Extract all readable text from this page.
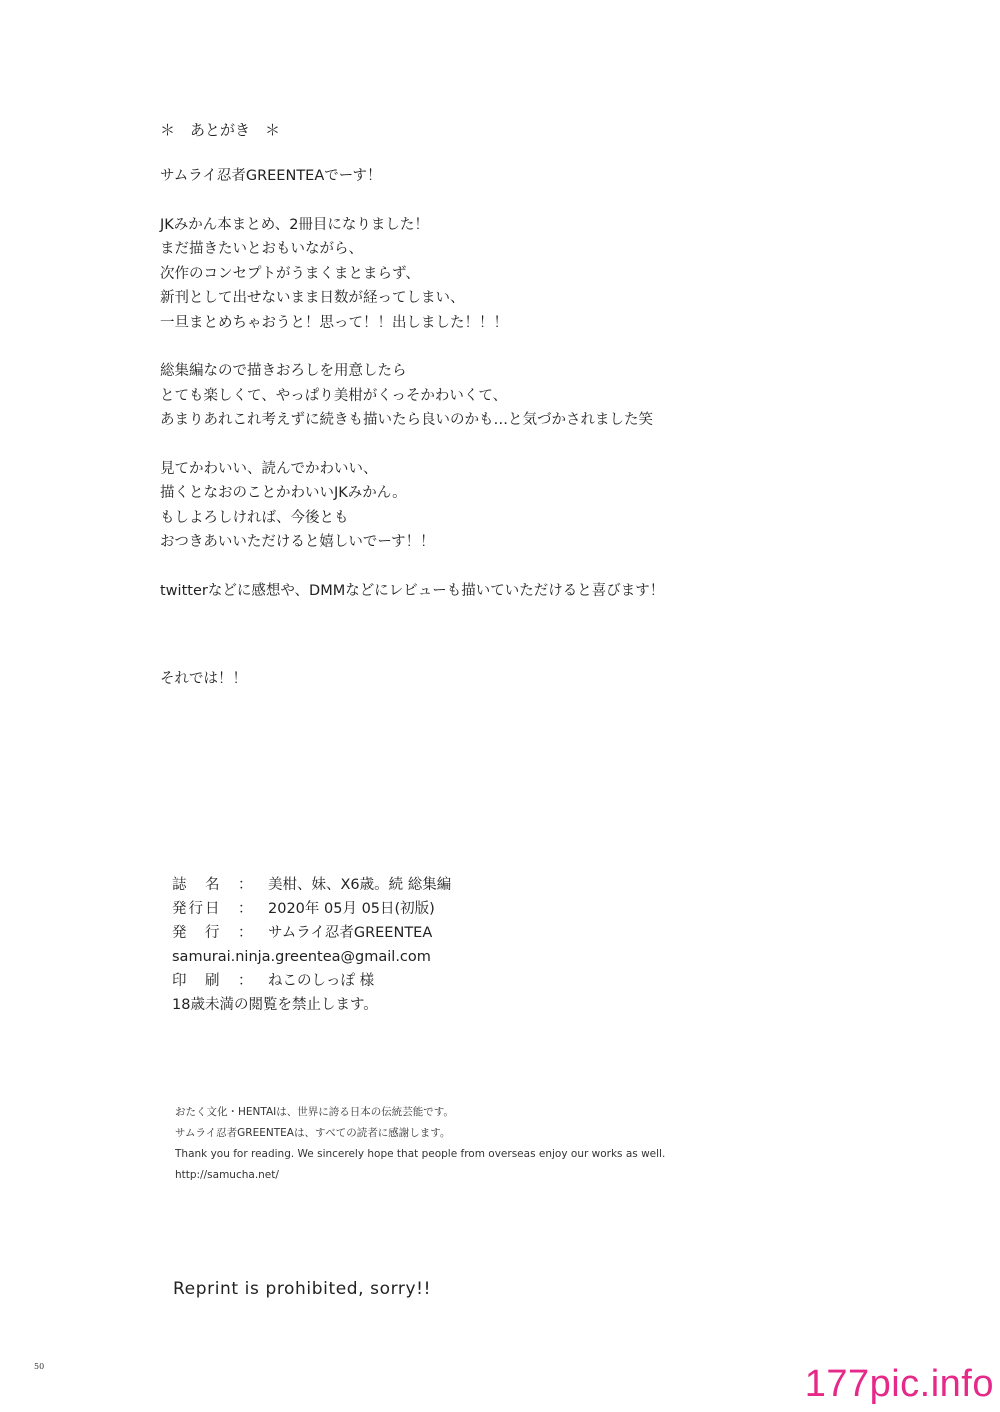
＊　あとがき　＊
サムライ忍者GREENTEAでーす！
JKみかん本まとめ、2冊目になりました！
まだ描きたいとおもいながら、
次作のコンセプトがうまくまとまらず、
新刊として出せないまま日数が経ってしまい、
一旦まとめちゃおうと！思って！！出しました！！！
総集編なので描きおろしを用意したら
とても楽しくて、やっぱり美柑がくっそかわいくて、
あまりあれこれ考えずに続きも描いたら良いのかも…と気づかされました笑
見てかわいい、読んでかわいい、
描くとなおのことかわいいJKみかん。
もしよろしければ、今後とも
おつきあいいただけると嬉しいでーす！！
twitterなどに感想や、DMMなどにレビューも描いていただけると喜びます！
それでは！！
誌　名 ： 美柑、妹、X6歳。続 総集編
発行日 ： 2020年 05月 05日(初版)
発　行 ： サムライ忍者GREENTEA
samurai.ninja.greentea@gmail.com
印　刷 ： ねこのしっぽ 様
18歳未満の閲覧を禁止します。
おたく文化・HENTAIは、世界に誇る日本の伝統芸能です。
サムライ忍者GREENTEAは、すべての読者に感謝します。
Thank you for reading. We sincerely hope that people from overseas enjoy our works as well.
http://samucha.net/
Reprint is prohibited, sorry!!
50	177pic.info
